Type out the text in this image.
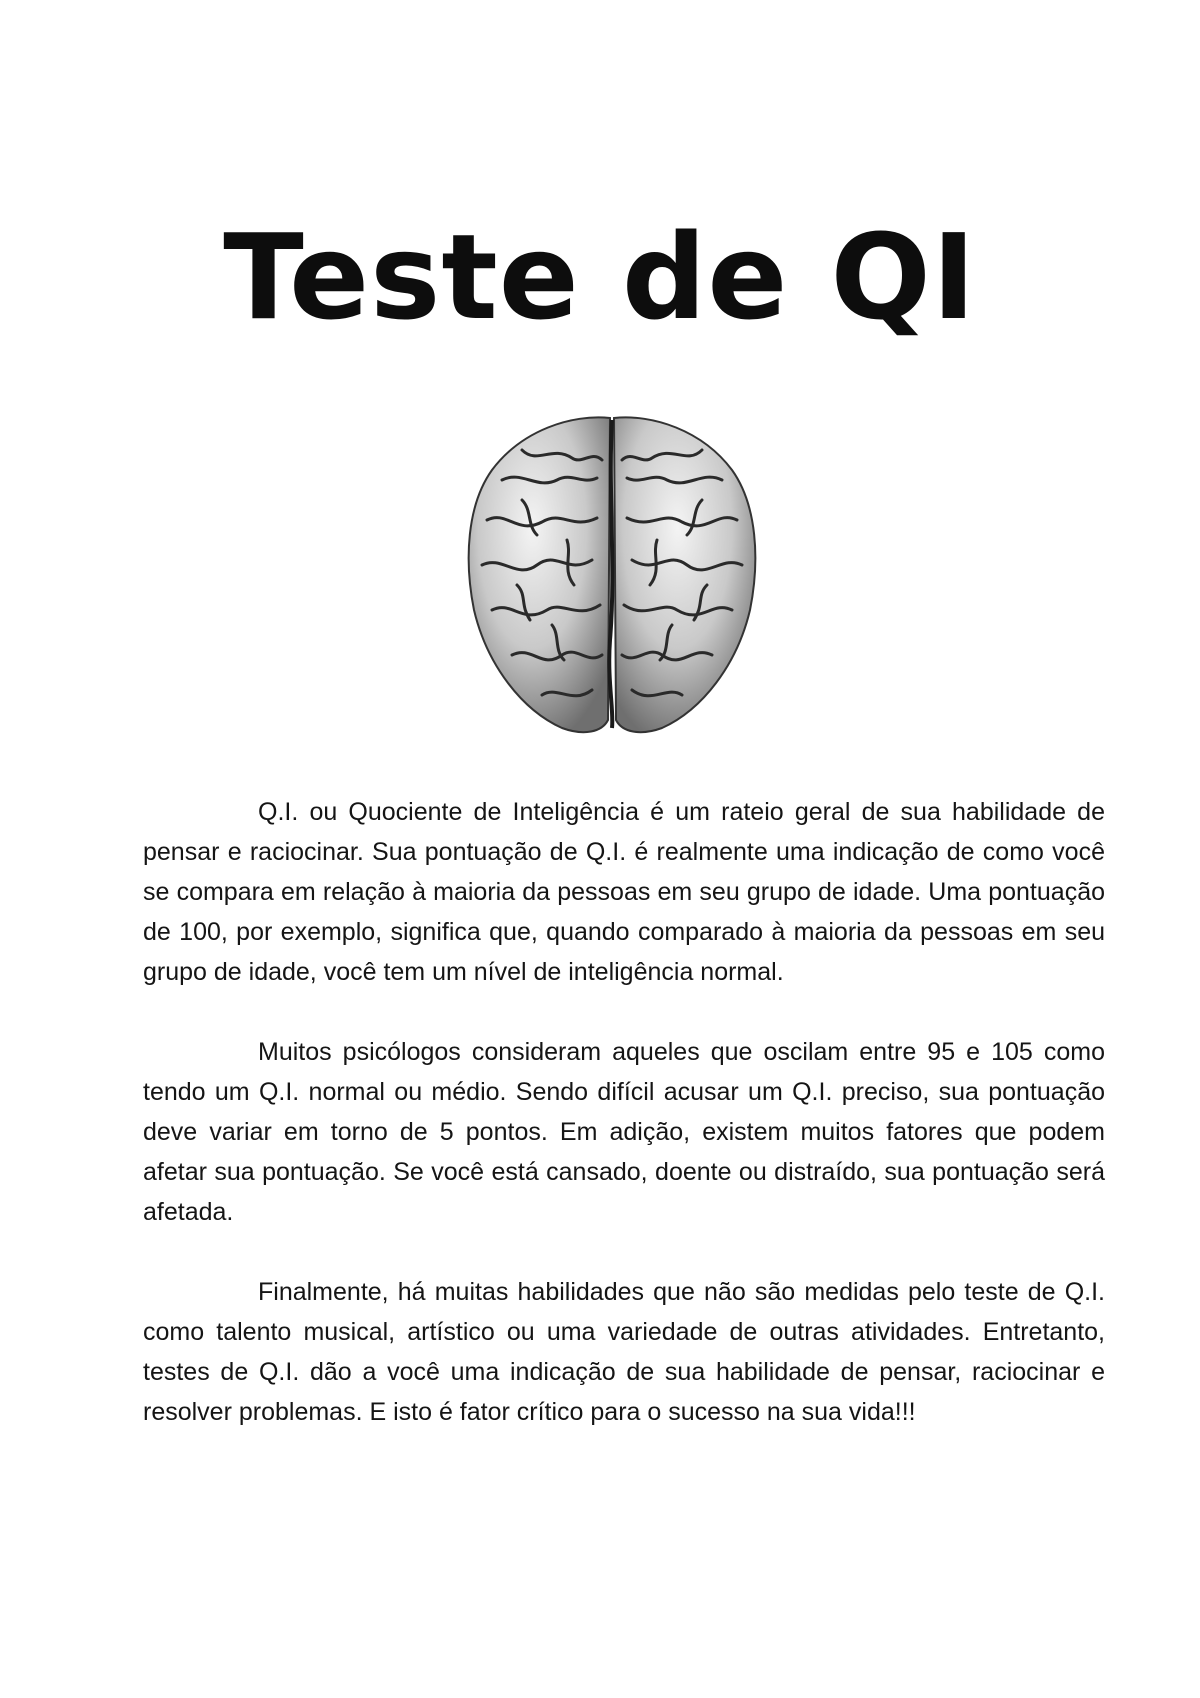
Teste de QI

Q.I. ou Quociente de Inteligência é um rateio geral de sua habilidade de pensar e raciocinar. Sua pontuação de Q.I. é realmente uma indicação de como você se compara em relação à maioria da pessoas em seu grupo de idade. Uma pontuação de 100, por exemplo, significa que, quando comparado à maioria da pessoas em seu grupo de idade, você tem um nível de inteligência normal.

Muitos psicólogos consideram aqueles que oscilam entre 95 e 105 como tendo um Q.I. normal ou médio. Sendo difícil acusar um Q.I. preciso, sua pontuação deve variar em torno de 5 pontos. Em adição, existem muitos fatores que podem afetar sua pontuação. Se você está cansado, doente ou distraído, sua pontuação será afetada.

Finalmente, há muitas habilidades que não são medidas pelo teste de Q.I. como talento musical, artístico ou uma variedade de outras atividades. Entretanto, testes de Q.I. dão a você uma indicação de sua habilidade de pensar, raciocinar e resolver problemas. E isto é fator crítico para o sucesso na sua vida!!!
